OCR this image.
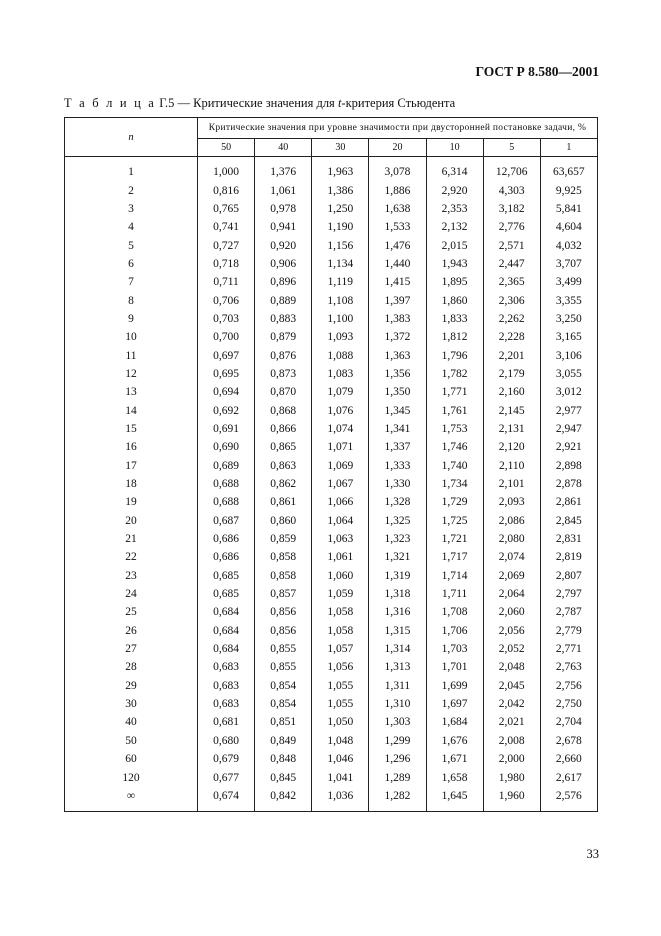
ГОСТ Р 8.580—2001
Т а б л и ц а Г.5 — Критические значения для t-критерия Стьюдента
n	Критические значения при уровне значимости при двусторонней постановке задачи, %						
	50	40	30	20	10	5	1
1	1,000	1,376	1,963	3,078	6,314	12,706	63,657
2	0,816	1,061	1,386	1,886	2,920	4,303	9,925
3	0,765	0,978	1,250	1,638	2,353	3,182	5,841
4	0,741	0,941	1,190	1,533	2,132	2,776	4,604
5	0,727	0,920	1,156	1,476	2,015	2,571	4,032
6	0,718	0,906	1,134	1,440	1,943	2,447	3,707
7	0,711	0,896	1,119	1,415	1,895	2,365	3,499
8	0,706	0,889	1,108	1,397	1,860	2,306	3,355
9	0,703	0,883	1,100	1,383	1,833	2,262	3,250
10	0,700	0,879	1,093	1,372	1,812	2,228	3,165
11	0,697	0,876	1,088	1,363	1,796	2,201	3,106
12	0,695	0,873	1,083	1,356	1,782	2,179	3,055
13	0,694	0,870	1,079	1,350	1,771	2,160	3,012
14	0,692	0,868	1,076	1,345	1,761	2,145	2,977
15	0,691	0,866	1,074	1,341	1,753	2,131	2,947
16	0,690	0,865	1,071	1,337	1,746	2,120	2,921
17	0,689	0,863	1,069	1,333	1,740	2,110	2,898
18	0,688	0,862	1,067	1,330	1,734	2,101	2,878
19	0,688	0,861	1,066	1,328	1,729	2,093	2,861
20	0,687	0,860	1,064	1,325	1,725	2,086	2,845
21	0,686	0,859	1,063	1,323	1,721	2,080	2,831
22	0,686	0,858	1,061	1,321	1,717	2,074	2,819
23	0,685	0,858	1,060	1,319	1,714	2,069	2,807
24	0,685	0,857	1,059	1,318	1,711	2,064	2,797
25	0,684	0,856	1,058	1,316	1,708	2,060	2,787
26	0,684	0,856	1,058	1,315	1,706	2,056	2,779
27	0,684	0,855	1,057	1,314	1,703	2,052	2,771
28	0,683	0,855	1,056	1,313	1,701	2,048	2,763
29	0,683	0,854	1,055	1,311	1,699	2,045	2,756
30	0,683	0,854	1,055	1,310	1,697	2,042	2,750
40	0,681	0,851	1,050	1,303	1,684	2,021	2,704
50	0,680	0,849	1,048	1,299	1,676	2,008	2,678
60	0,679	0,848	1,046	1,296	1,671	2,000	2,660
120	0,677	0,845	1,041	1,289	1,658	1,980	2,617
∞	0,674	0,842	1,036	1,282	1,645	1,960	2,576
33
